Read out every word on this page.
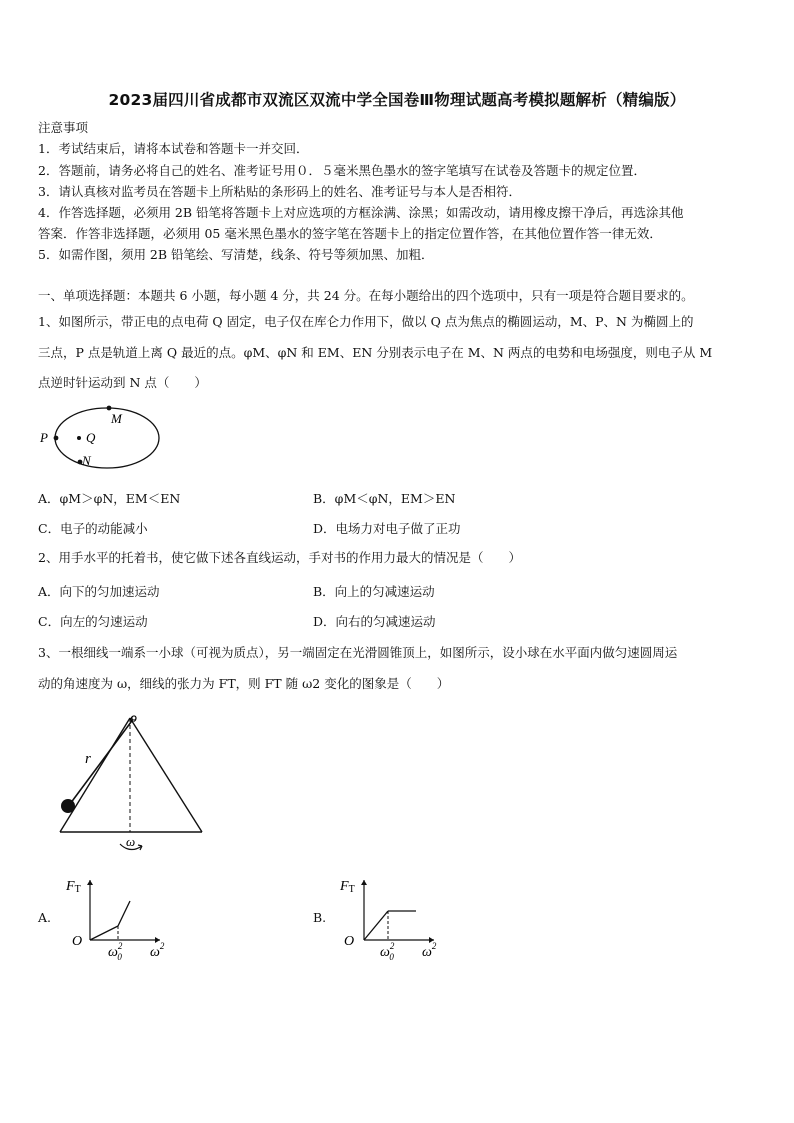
2023届四川省成都市双流区双流中学全国卷Ⅲ物理试题高考模拟题解析（精编版）
注意事项
1．考试结束后，请将本试卷和答题卡一并交回．
2．答题前，请务必将自己的姓名、准考证号用０．５毫米黑色墨水的签字笔填写在试卷及答题卡的规定位置．
3．请认真核对监考员在答题卡上所粘贴的条形码上的姓名、准考证号与本人是否相符．
4．作答选择题，必须用 2B 铅笔将答题卡上对应选项的方框涂满、涂黑；如需改动，请用橡皮擦干净后，再选涂其他
答案．作答非选择题，必须用 05 毫米黑色墨水的签字笔在答题卡上的指定位置作答，在其他位置作答一律无效．
5．如需作图，须用 2B 铅笔绘、写清楚，线条、符号等须加黑、加粗．
一、单项选择题：本题共 6 小题，每小题 4 分，共 24 分。在每小题给出的四个选项中，只有一项是符合题目要求的。
1、如图所示，带正电的点电荷 Q 固定，电子仅在库仑力作用下，做以 Q 点为焦点的椭圆运动，M、P、N 为椭圆上的
三点，P 点是轨道上离 Q 最近的点。φM、φN 和 EM、EN 分别表示电子在 M、N 两点的电势和电场强度，则电子从 M
点逆时针运动到 N 点（　　）
P	Q
M
N
A．φM＞φN，EM＜EN	B．φM＜φN，EM＞EN
C．电子的动能减小	D．电场力对电子做了正功
2、用手水平的托着书，使它做下述各直线运动，手对书的作用力最大的情况是（　　）
A．向下的匀加速运动	B．向上的匀减速运动
C．向左的匀速运动	D．向右的匀减速运动
3、一根细线一端系一小球（可视为质点），另一端固定在光滑圆锥顶上，如图所示，设小球在水平面内做匀速圆周运
动的角速度为 ω，细线的张力为 FT，则 FT 随 ω2 变化的图象是（　　）
o
r
ω
A.
FT
O
$\omega^2$ 0 $\omega^2$
B.
FT
O
$\omega^2$ 0 $\omega^2$
